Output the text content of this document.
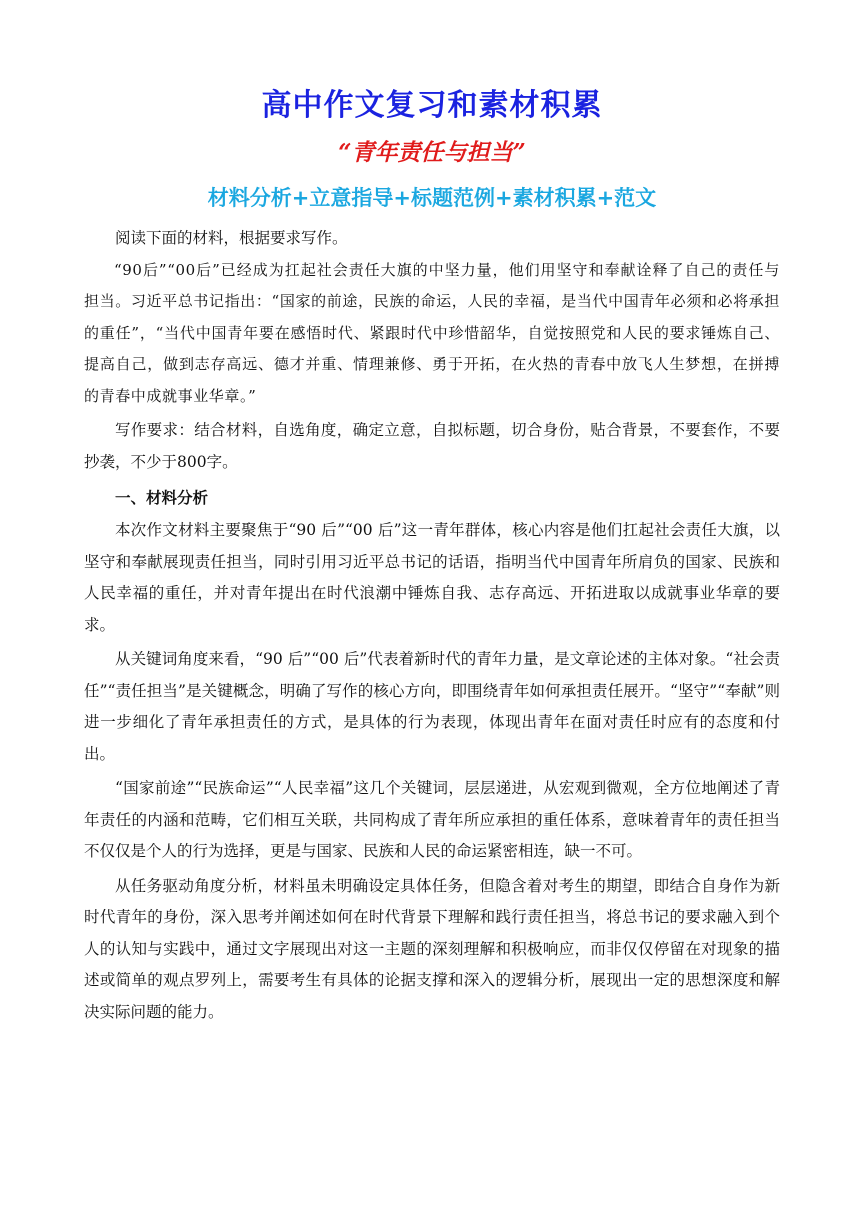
高中作文复习和素材积累
“青年责任与担当”
材料分析+立意指导+标题范例+素材积累+范文

阅读下面的材料，根据要求写作。

“90后”“00后”已经成为扛起社会责任大旗的中坚力量，他们用坚守和奉献诠释了自己的责任与担当。习近平总书记指出：“国家的前途，民族的命运，人民的幸福，是当代中国青年必须和必将承担的重任”，“当代中国青年要在感悟时代、紧跟时代中珍惜韶华，自觉按照党和人民的要求锤炼自己、提高自己，做到志存高远、德才并重、情理兼修、勇于开拓，在火热的青春中放飞人生梦想，在拼搏的青春中成就事业华章。”

写作要求：结合材料，自选角度，确定立意，自拟标题，切合身份，贴合背景，不要套作，不要抄袭，不少于800字。

一、材料分析

本次作文材料主要聚焦于“90 后”“00 后”这一青年群体，核心内容是他们扛起社会责任大旗，以坚守和奉献展现责任担当，同时引用习近平总书记的话语，指明当代中国青年所肩负的国家、民族和人民幸福的重任，并对青年提出在时代浪潮中锤炼自我、志存高远、开拓进取以成就事业华章的要求。

从关键词角度来看，“90 后”“00 后”代表着新时代的青年力量，是文章论述的主体对象。“社会责任”“责任担当”是关键概念，明确了写作的核心方向，即围绕青年如何承担责任展开。“坚守”“奉献”则进一步细化了青年承担责任的方式，是具体的行为表现，体现出青年在面对责任时应有的态度和付出。

“国家前途”“民族命运”“人民幸福”这几个关键词，层层递进，从宏观到微观，全方位地阐述了青年责任的内涵和范畴，它们相互关联，共同构成了青年所应承担的重任体系，意味着青年的责任担当不仅仅是个人的行为选择，更是与国家、民族和人民的命运紧密相连，缺一不可。

从任务驱动角度分析，材料虽未明确设定具体任务，但隐含着对考生的期望，即结合自身作为新时代青年的身份，深入思考并阐述如何在时代背景下理解和践行责任担当，将总书记的要求融入到个人的认知与实践中，通过文字展现出对这一主题的深刻理解和积极响应，而非仅仅停留在对现象的描述或简单的观点罗列上，需要考生有具体的论据支撑和深入的逻辑分析，展现出一定的思想深度和解决实际问题的能力。
